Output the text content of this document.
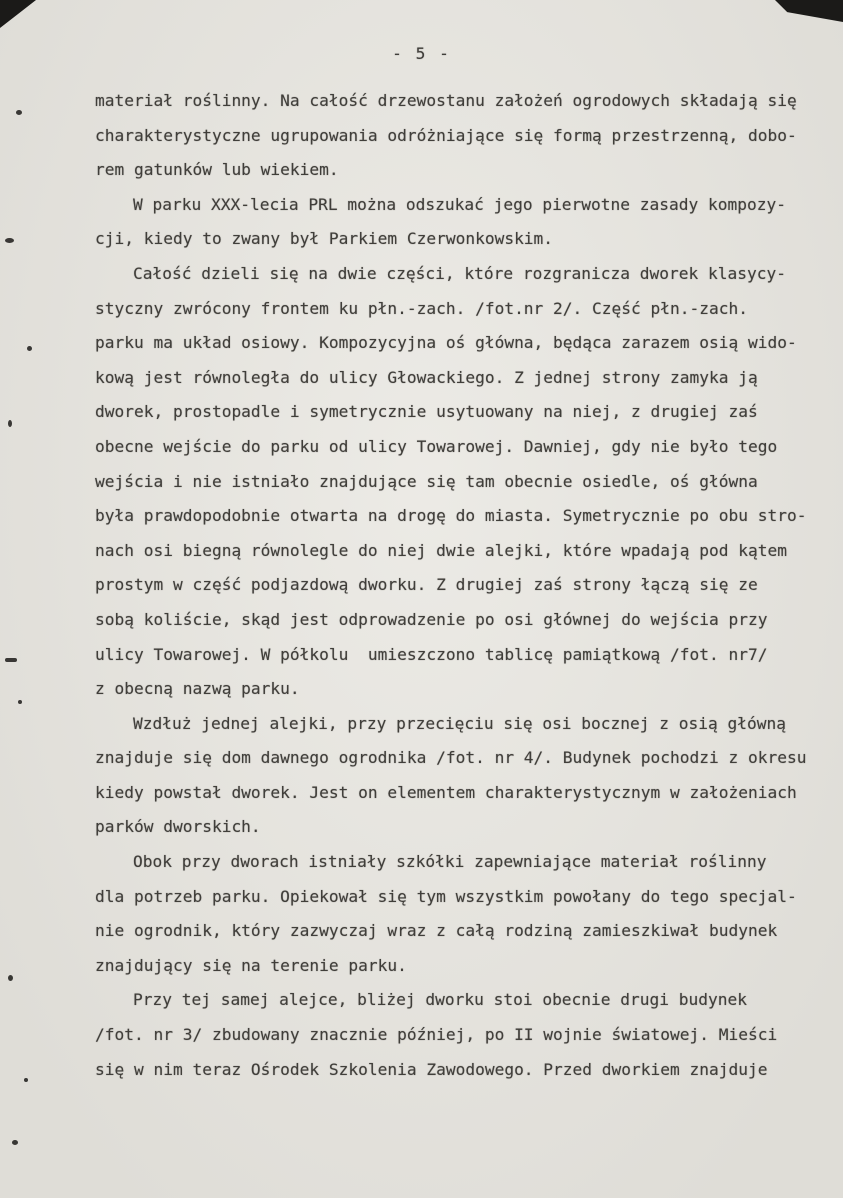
- 5 -
materiał roślinny. Na całość drzewostanu założeń ogrodowych składają się
charakterystyczne ugrupowania odróżniające się formą przestrzenną, dobo-
rem gatunków lub wiekiem.
W parku XXX-lecia PRL można odszukać jego pierwotne zasady kompozy-
cji, kiedy to zwany był Parkiem Czerwonkowskim.
Całość dzieli się na dwie części, które rozgranicza dworek klasycy-
styczny zwrócony frontem ku płn.-zach. /fot.nr 2/. Część płn.-zach.
parku ma układ osiowy. Kompozycyjna oś główna, będąca zarazem osią wido-
kową jest równoległa do ulicy Głowackiego. Z jednej strony zamyka ją
dworek, prostopadle i symetrycznie usytuowany na niej, z drugiej zaś
obecne wejście do parku od ulicy Towarowej. Dawniej, gdy nie było tego
wejścia i nie istniało znajdujące się tam obecnie osiedle, oś główna
była prawdopodobnie otwarta na drogę do miasta. Symetrycznie po obu stro-
nach osi biegną równolegle do niej dwie alejki, które wpadają pod kątem
prostym w część podjazdową dworku. Z drugiej zaś strony łączą się ze
sobą koliście, skąd jest odprowadzenie po osi głównej do wejścia przy
ulicy Towarowej. W półkolu  umieszczono tablicę pamiątkową /fot. nr7/
z obecną nazwą parku.
Wzdłuż jednej alejki, przy przecięciu się osi bocznej z osią główną
znajduje się dom dawnego ogrodnika /fot. nr 4/. Budynek pochodzi z okresu
kiedy powstał dworek. Jest on elementem charakterystycznym w założeniach
parków dworskich.
Obok przy dworach istniały szkółki zapewniające materiał roślinny
dla potrzeb parku. Opiekował się tym wszystkim powołany do tego specjal-
nie ogrodnik, który zazwyczaj wraz z całą rodziną zamieszkiwał budynek
znajdujący się na terenie parku.
Przy tej samej alejce, bliżej dworku stoi obecnie drugi budynek
/fot. nr 3/ zbudowany znacznie później, po II wojnie światowej. Mieści
się w nim teraz Ośrodek Szkolenia Zawodowego. Przed dworkiem znajduje
